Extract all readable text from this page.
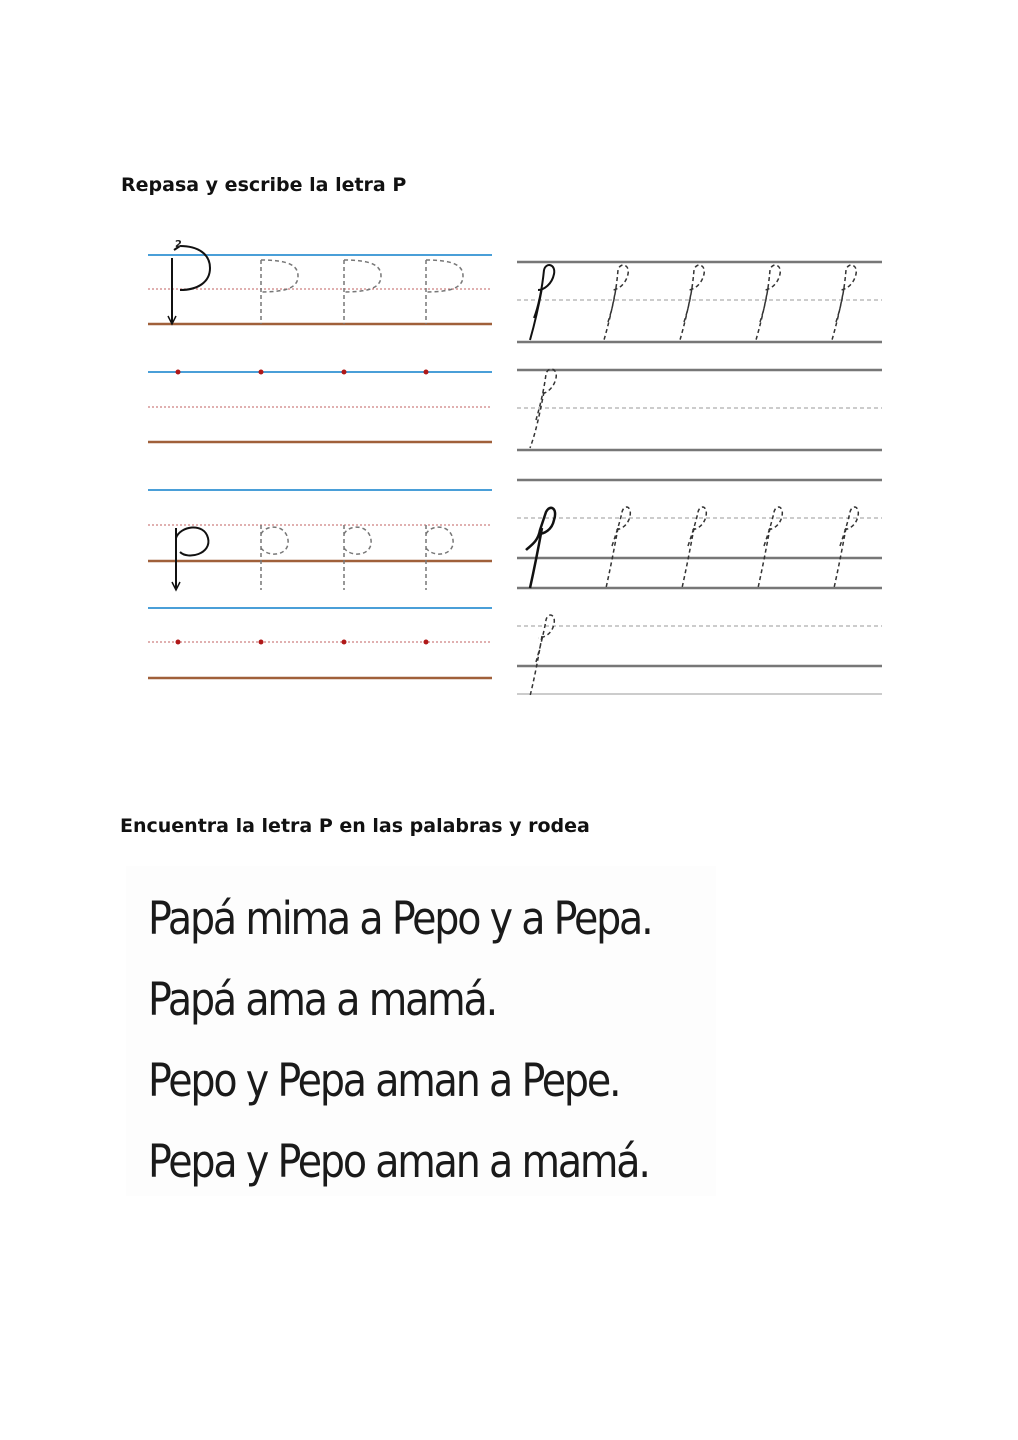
Repasa y escribe la letra P
2
Encuentra la letra P en las palabras y rodea

Papá mima a Pepo y a Pepa.

Papá ama a mamá.

Pepo y Pepa aman a Pepe.

Pepa y Pepo aman a mamá.
